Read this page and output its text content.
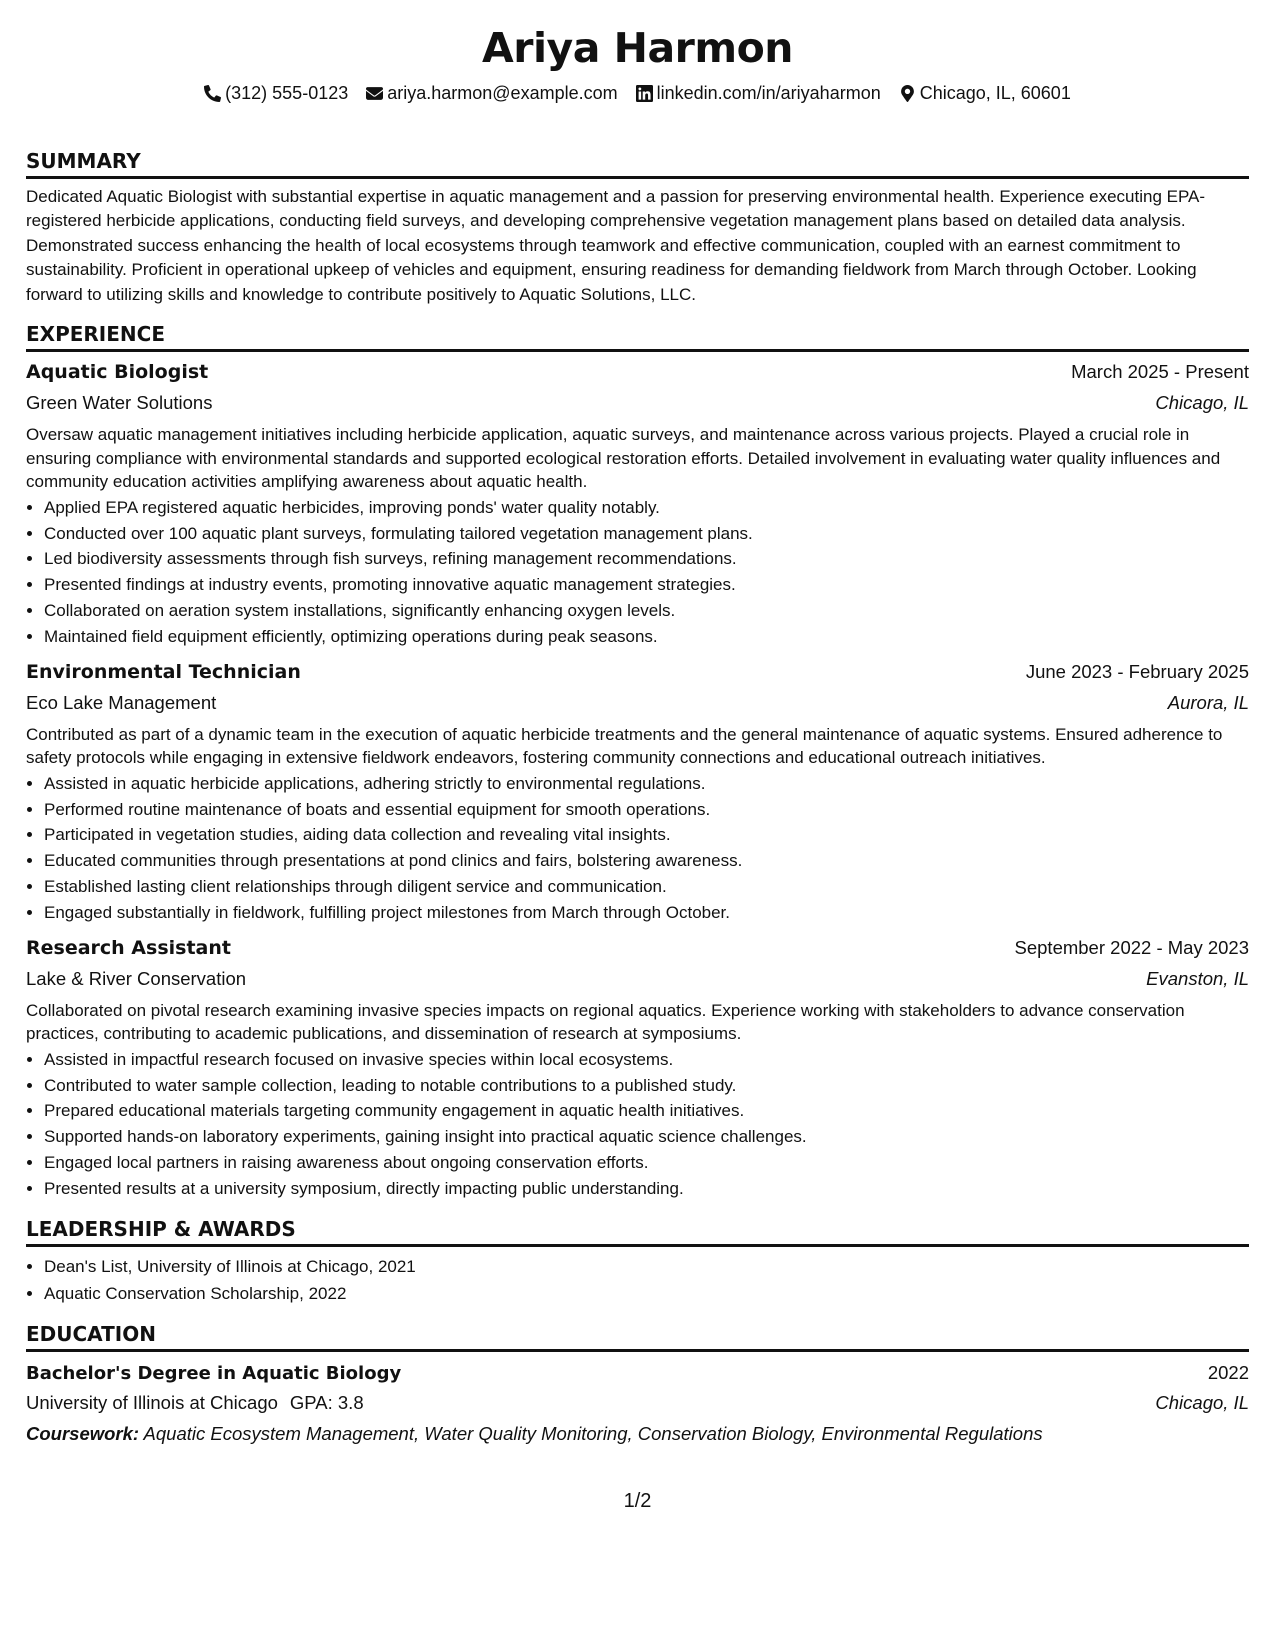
Ariya Harmon
(312) 555-0123 ariya.harmon@example.com linkedin.com/in/ariyaharmon Chicago, IL, 60601
SUMMARY

Dedicated Aquatic Biologist with substantial expertise in aquatic management and a passion for preserving environmental health. Experience executing EPA-registered herbicide applications, conducting field surveys, and developing comprehensive vegetation management plans based on detailed data analysis. Demonstrated success enhancing the health of local ecosystems through teamwork and effective communication, coupled with an earnest commitment to sustainability. Proficient in operational upkeep of vehicles and equipment, ensuring readiness for demanding fieldwork from March through October. Looking forward to utilizing skills and knowledge to contribute positively to Aquatic Solutions, LLC.

EXPERIENCE
Aquatic Biologist	March 2025 - Present
Green Water Solutions	Chicago, IL

Oversaw aquatic management initiatives including herbicide application, aquatic surveys, and maintenance across various projects. Played a crucial role in ensuring compliance with environmental standards and supported ecological restoration efforts. Detailed involvement in evaluating water quality influences and community education activities amplifying awareness about aquatic health.

• Applied EPA registered aquatic herbicides, improving ponds' water quality notably.
• Conducted over 100 aquatic plant surveys, formulating tailored vegetation management plans.
• Led biodiversity assessments through fish surveys, refining management recommendations.
• Presented findings at industry events, promoting innovative aquatic management strategies.
• Collaborated on aeration system installations, significantly enhancing oxygen levels.
• Maintained field equipment efficiently, optimizing operations during peak seasons.
Environmental Technician	June 2023 - February 2025
Eco Lake Management	Aurora, IL

Contributed as part of a dynamic team in the execution of aquatic herbicide treatments and the general maintenance of aquatic systems. Ensured adherence to safety protocols while engaging in extensive fieldwork endeavors, fostering community connections and educational outreach initiatives.

• Assisted in aquatic herbicide applications, adhering strictly to environmental regulations.
• Performed routine maintenance of boats and essential equipment for smooth operations.
• Participated in vegetation studies, aiding data collection and revealing vital insights.
• Educated communities through presentations at pond clinics and fairs, bolstering awareness.
• Established lasting client relationships through diligent service and communication.
• Engaged substantially in fieldwork, fulfilling project milestones from March through October.
Research Assistant	September 2022 - May 2023
Lake & River Conservation	Evanston, IL

Collaborated on pivotal research examining invasive species impacts on regional aquatics. Experience working with stakeholders to advance conservation practices, contributing to academic publications, and dissemination of research at symposiums.

• Assisted in impactful research focused on invasive species within local ecosystems.
• Contributed to water sample collection, leading to notable contributions to a published study.
• Prepared educational materials targeting community engagement in aquatic health initiatives.
• Supported hands-on laboratory experiments, gaining insight into practical aquatic science challenges.
• Engaged local partners in raising awareness about ongoing conservation efforts.
• Presented results at a university symposium, directly impacting public understanding.
LEADERSHIP & AWARDS
• Dean's List, University of Illinois at Chicago, 2021
• Aquatic Conservation Scholarship, 2022
EDUCATION
Bachelor's Degree in Aquatic Biology	2022
University of Illinois at Chicago GPA: 3.8	Chicago, IL
Coursework: Aquatic Ecosystem Management, Water Quality Monitoring, Conservation Biology, Environmental Regulations
1/2
